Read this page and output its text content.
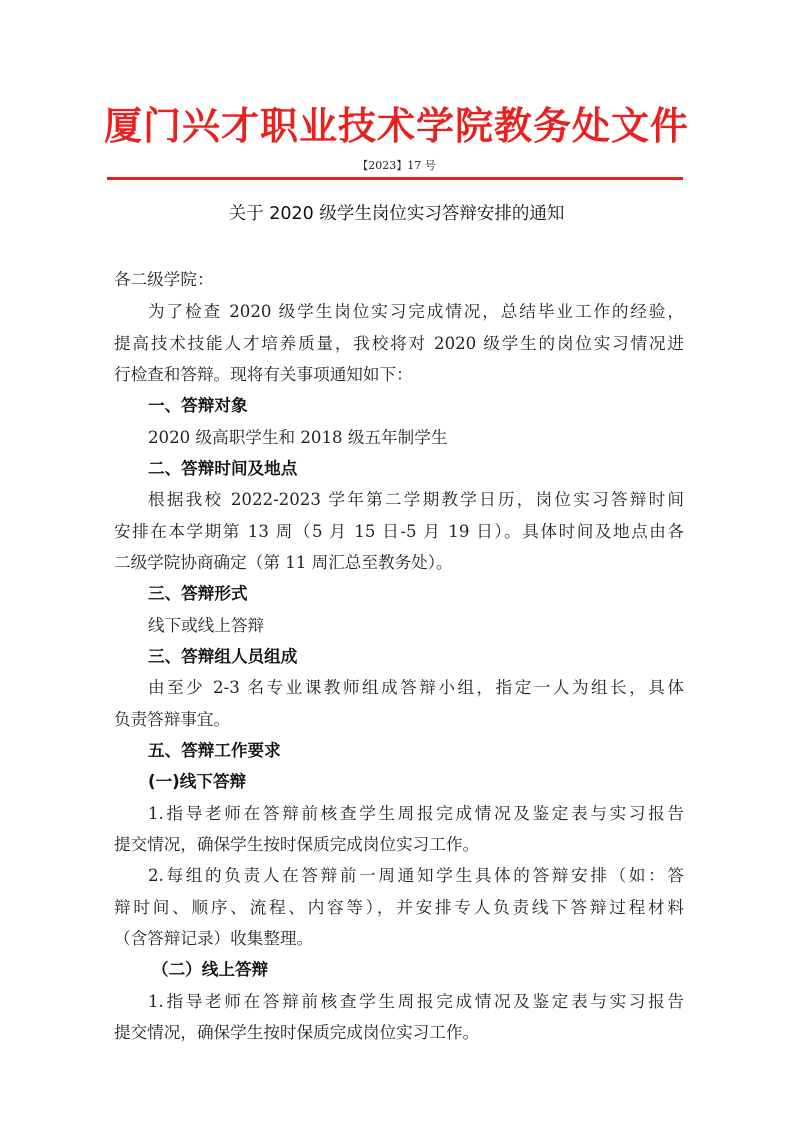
厦门兴才职业技术学院教务处文件
【2023】17 号
关于 2020 级学生岗位实习答辩安排的通知
各二级学院：
为了检查 2020 级学生岗位实习完成情况，总结毕业工作的经验，
提高技术技能人才培养质量，我校将对 2020 级学生的岗位实习情况进
行检查和答辩。现将有关事项通知如下：
一、答辩对象
2020 级高职学生和 2018 级五年制学生
二、答辩时间及地点
根据我校 2022-2023 学年第二学期教学日历，岗位实习答辩时间
安排在本学期第 13 周（5 月 15 日-5 月 19 日）。具体时间及地点由各
二级学院协商确定（第 11 周汇总至教务处）。
三、答辩形式
线下或线上答辩
三、答辩组人员组成
由至少 2-3 名专业课教师组成答辩小组，指定一人为组长，具体
负责答辩事宜。
五、答辩工作要求
(一)线下答辩
1.指导老师在答辩前核查学生周报完成情况及鉴定表与实习报告
提交情况，确保学生按时保质完成岗位实习工作。
2.每组的负责人在答辩前一周通知学生具体的答辩安排（如：答
辩时间、顺序、流程、内容等），并安排专人负责线下答辩过程材料
（含答辩记录）收集整理。
（二）线上答辩
1.指导老师在答辩前核查学生周报完成情况及鉴定表与实习报告
提交情况，确保学生按时保质完成岗位实习工作。
